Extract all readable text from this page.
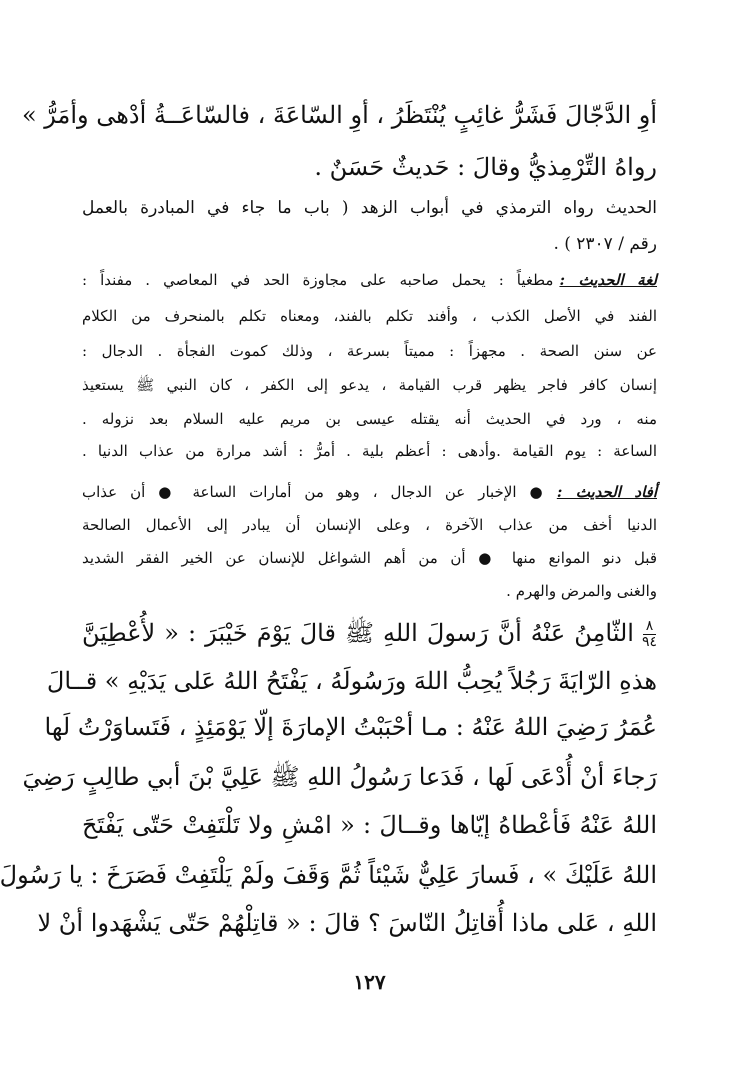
أوِ الدَّجّالَ فَشَرُّ غائِبٍ يُنْتَظَرُ ، أوِ السّاعَةَ ، فالسّاعَــةُ أدْهى وأمَرُّ »
رواهُ التِّرْمِذيُّ وقالَ : حَديثٌ حَسَنٌ .
الحديث رواه الترمذي في أبواب الزهد ( باب ما جاء في المبادرة بالعمل
رقم / ٢٣٠٧ ) .
لغة الحديث :مطغياً : يحمل صاحبه على مجاوزة الحد في المعاصي . مفنداً :
الفند في الأصل الكذب ، وأفند تكلم بالفند، ومعناه تكلم بالمنحرف من الكلام
عن سنن الصحة . مجهزاً : مميتاً بسرعة ، وذلك كموت الفجأة . الدجال :
إنسان كافر فاجر يظهر قرب القيامة ، يدعو إلى الكفر ، كان النبي ﷺ يستعيذ
منه ، ورد في الحديث أنه يقتله عيسى بن مريم عليه السلام بعد نزوله .
الساعة : يوم القيامة .وأدهى : أعظم بلية . أمرُّ : أشد مرارة من عذاب الدنيا .
أفاد الحديث :● الإخبار عن الدجال ، وهو من أمارات الساعة ● أن عذاب
الدنيا أخف من عذاب الآخرة ، وعلى الإنسان أن يبادر إلى الأعمال الصالحة
قبل دنو الموانع منها ● أن من أهم الشواغل للإنسان عن الخير الفقر الشديد
والغنى والمرض والهرم .
$\frac{٨}{٩٤}$
الثّامِنُ عَنْهُ أنَّ رَسولَ اللهِ ﷺ قالَ يَوْمَ خَيْبَرَ : « لأُعْطِيَنَّ
هذهِ الرّايَةَ رَجُلاً يُحِبُّ اللهَ ورَسُولَهُ ، يَفْتَحُ اللهُ عَلى يَدَيْهِ » قــالَ
عُمَرُ رَضِيَ اللهُ عَنْهُ : مـا أحْبَبْتُ الإمارَةَ إلّا يَوْمَئِذٍ ، فَتَساوَرْتُ لَها
رَجاءَ أنْ أُدْعَى لَها ، فَدَعا رَسُولُ اللهِ ﷺ عَلِيَّ بْنَ أبي طالِبٍ رَضِيَ
اللهُ عَنْهُ فَأعْطاهُ إيّاها وقــالَ : « امْشِ ولا تَلْتَفِتْ حَتّى يَفْتَحَ
اللهُ عَلَيْكَ » ، فَسارَ عَلِيٌّ شَيْئاً ثُمَّ وَقَفَ ولَمْ يَلْتَفِتْ فَصَرَخَ : يا رَسُولَ
اللهِ ، عَلى ماذا أُقاتِلُ النّاسَ ؟ قالَ : « قاتِلْهُمْ حَتّى يَشْهَدوا أنْ لا
١٢٧
